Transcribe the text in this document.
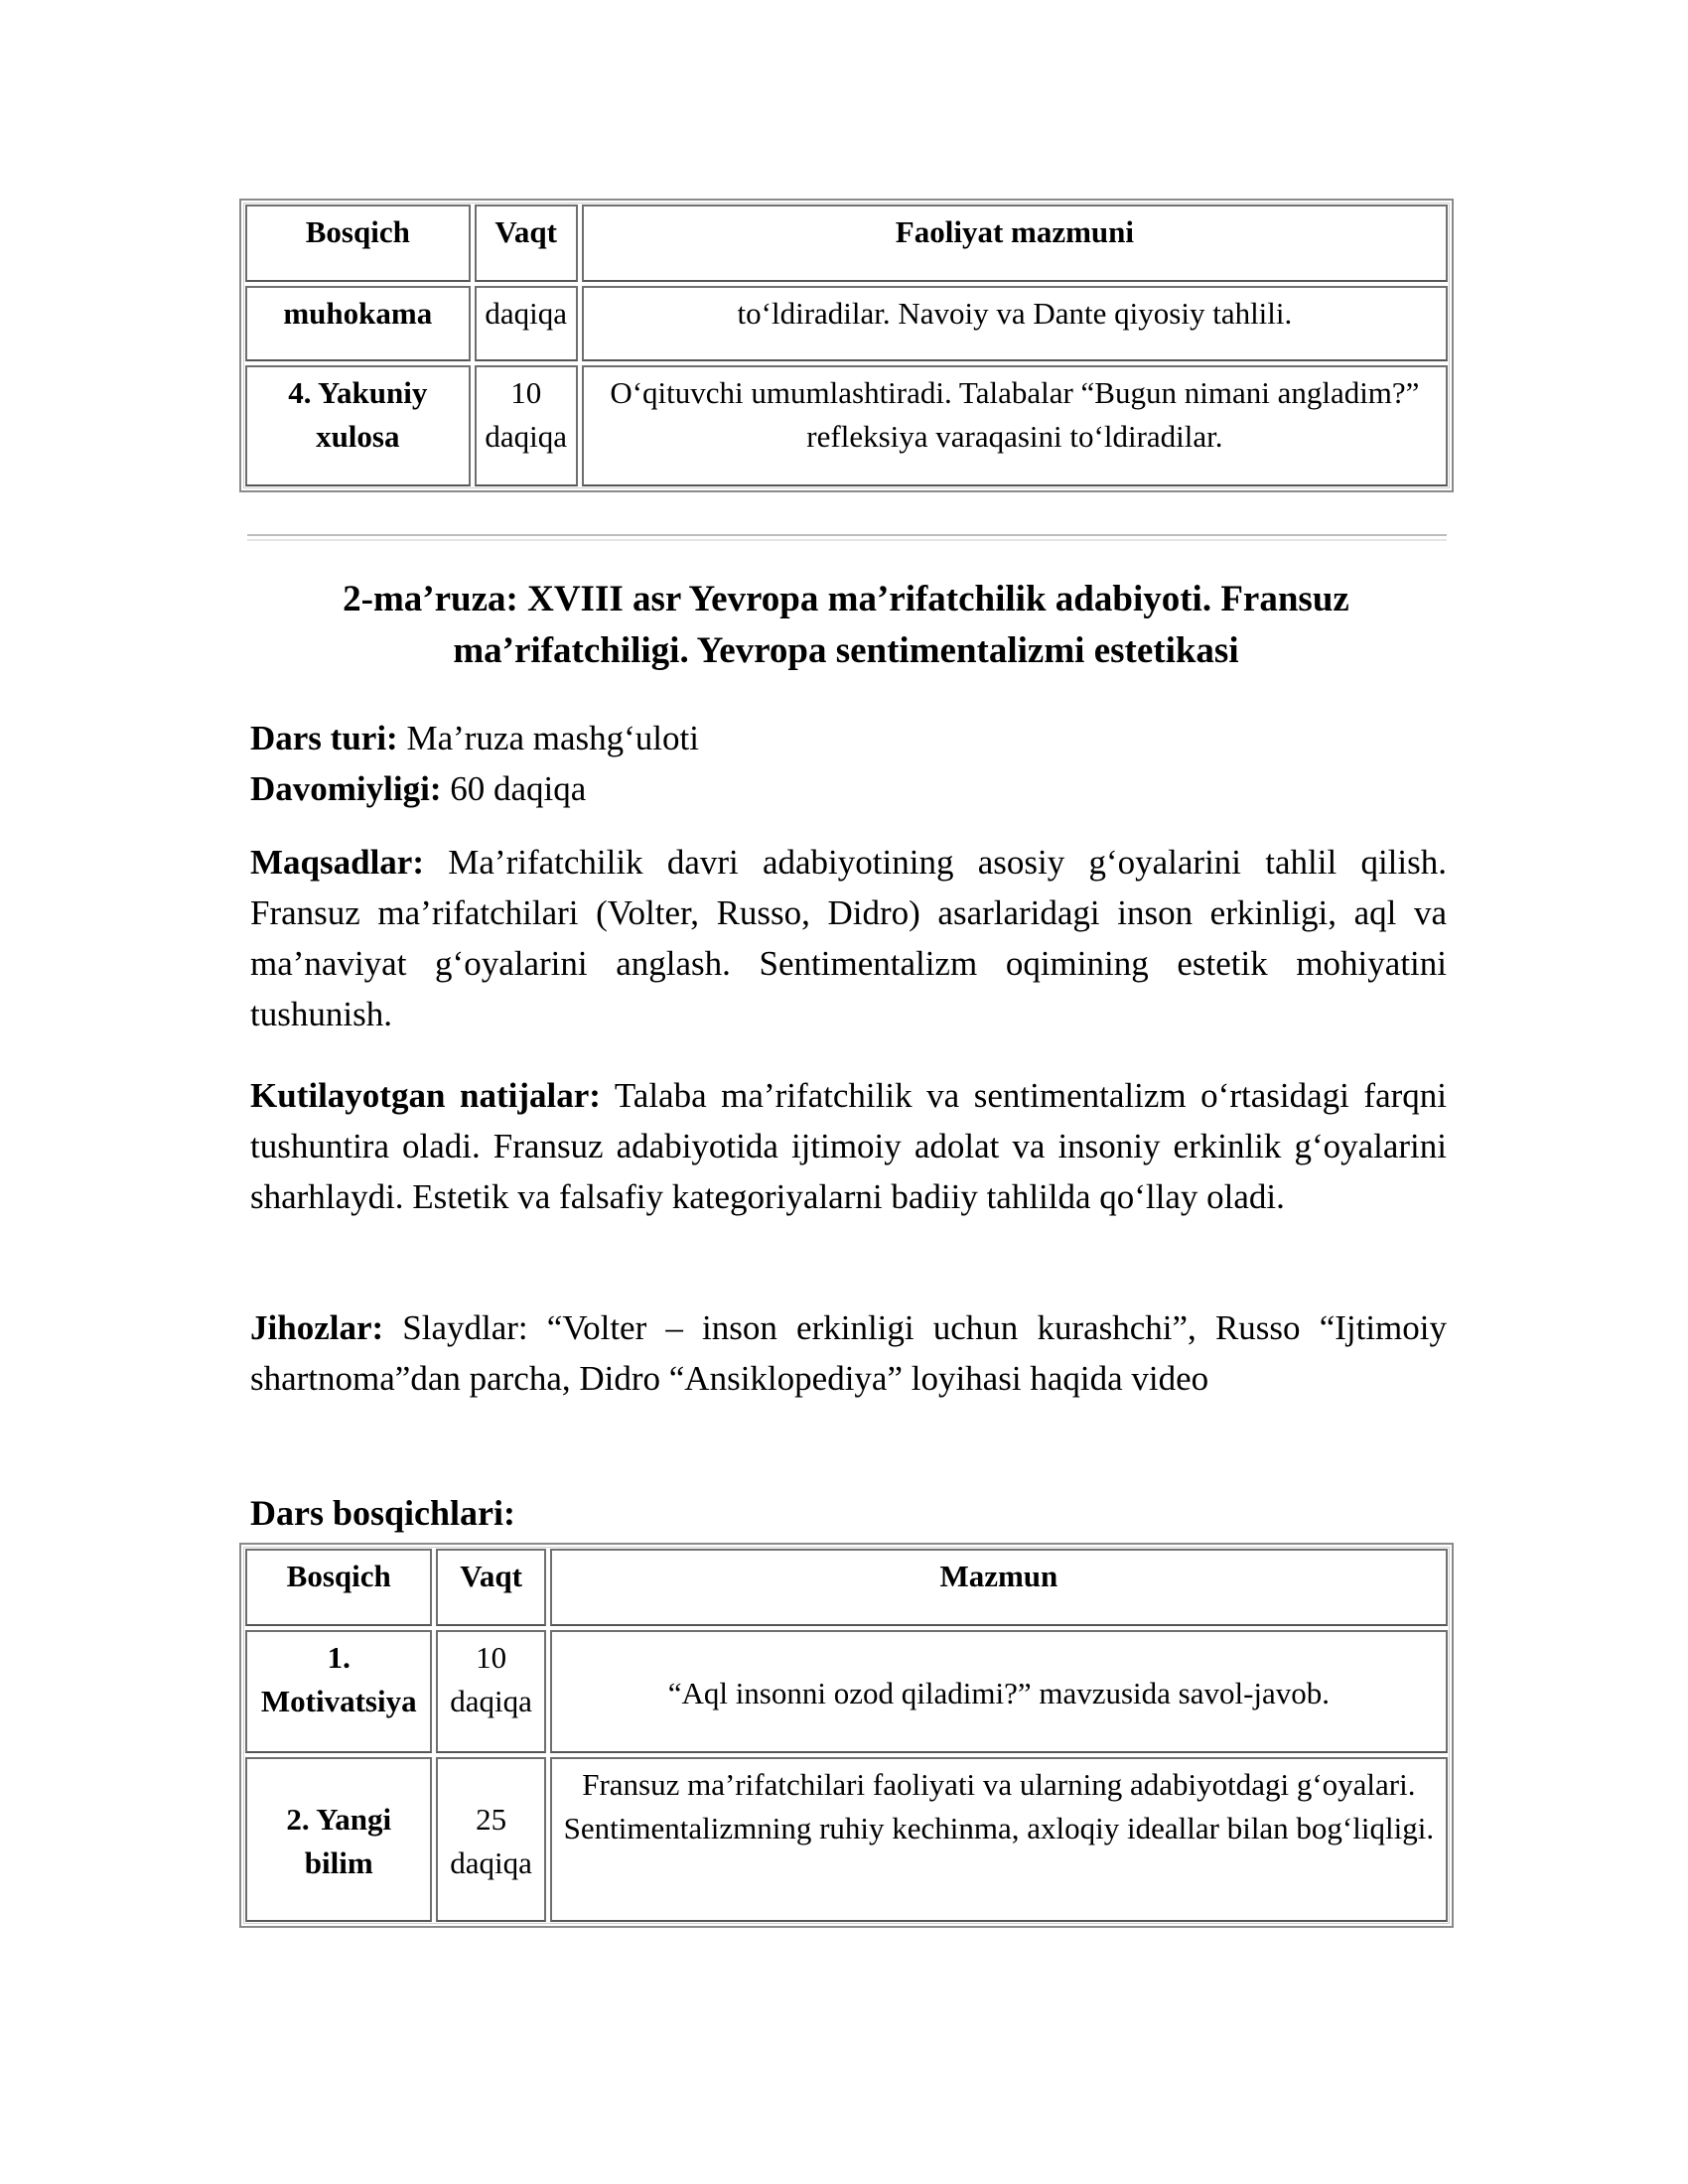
Bosqich	Vaqt	Faoliyat mazmuni
muhokama	daqiqa	to‘ldiradilar. Navoiy va Dante qiyosiy tahlili.
4. Yakuniy xulosa	10 daqiqa	O‘qituvchi umumlashtiradi. Talabalar “Bugun nimani angladim?” refleksiya varaqasini to‘ldiradilar.
2-ma’ruza: XVIII asr Yevropa ma’rifatchilik adabiyoti. Fransuz ma’rifatchiligi. Yevropa sentimentalizmi estetikasi
Dars turi: Ma’ruza mashg‘uloti
Davomiyligi: 60 daqiqa
Maqsadlar: Ma’rifatchilik davri adabiyotining asosiy g‘oyalarini tahlil qilish. Fransuz ma’rifatchilari (Volter, Russo, Didro) asarlaridagi inson erkinligi, aql va ma’naviyat g‘oyalarini anglash. Sentimentalizm oqimining estetik mohiyatini tushunish.
Kutilayotgan natijalar: Talaba ma’rifatchilik va sentimentalizm o‘rtasidagi farqni tushuntira oladi. Fransuz adabiyotida ijtimoiy adolat va insoniy erkinlik g‘oyalarini sharhlaydi. Estetik va falsafiy kategoriyalarni badiiy tahlilda qo‘llay oladi.
Jihozlar: Slaydlar: “Volter – inson erkinligi uchun kurashchi”, Russo “Ijtimoiy shartnoma”dan parcha, Didro “Ansiklopediya” loyihasi haqida video
Dars bosqichlari:
Bosqich	Vaqt	Mazmun
1. Motivatsiya	10 daqiqa	“Aql insonni ozod qiladimi?” mavzusida savol-javob.
2. Yangi bilim	25 daqiqa	Fransuz ma’rifatchilari faoliyati va ularning adabiyotdagi g‘oyalari. Sentimentalizmning ruhiy kechinma, axloqiy ideallar bilan bog‘liqligi.
